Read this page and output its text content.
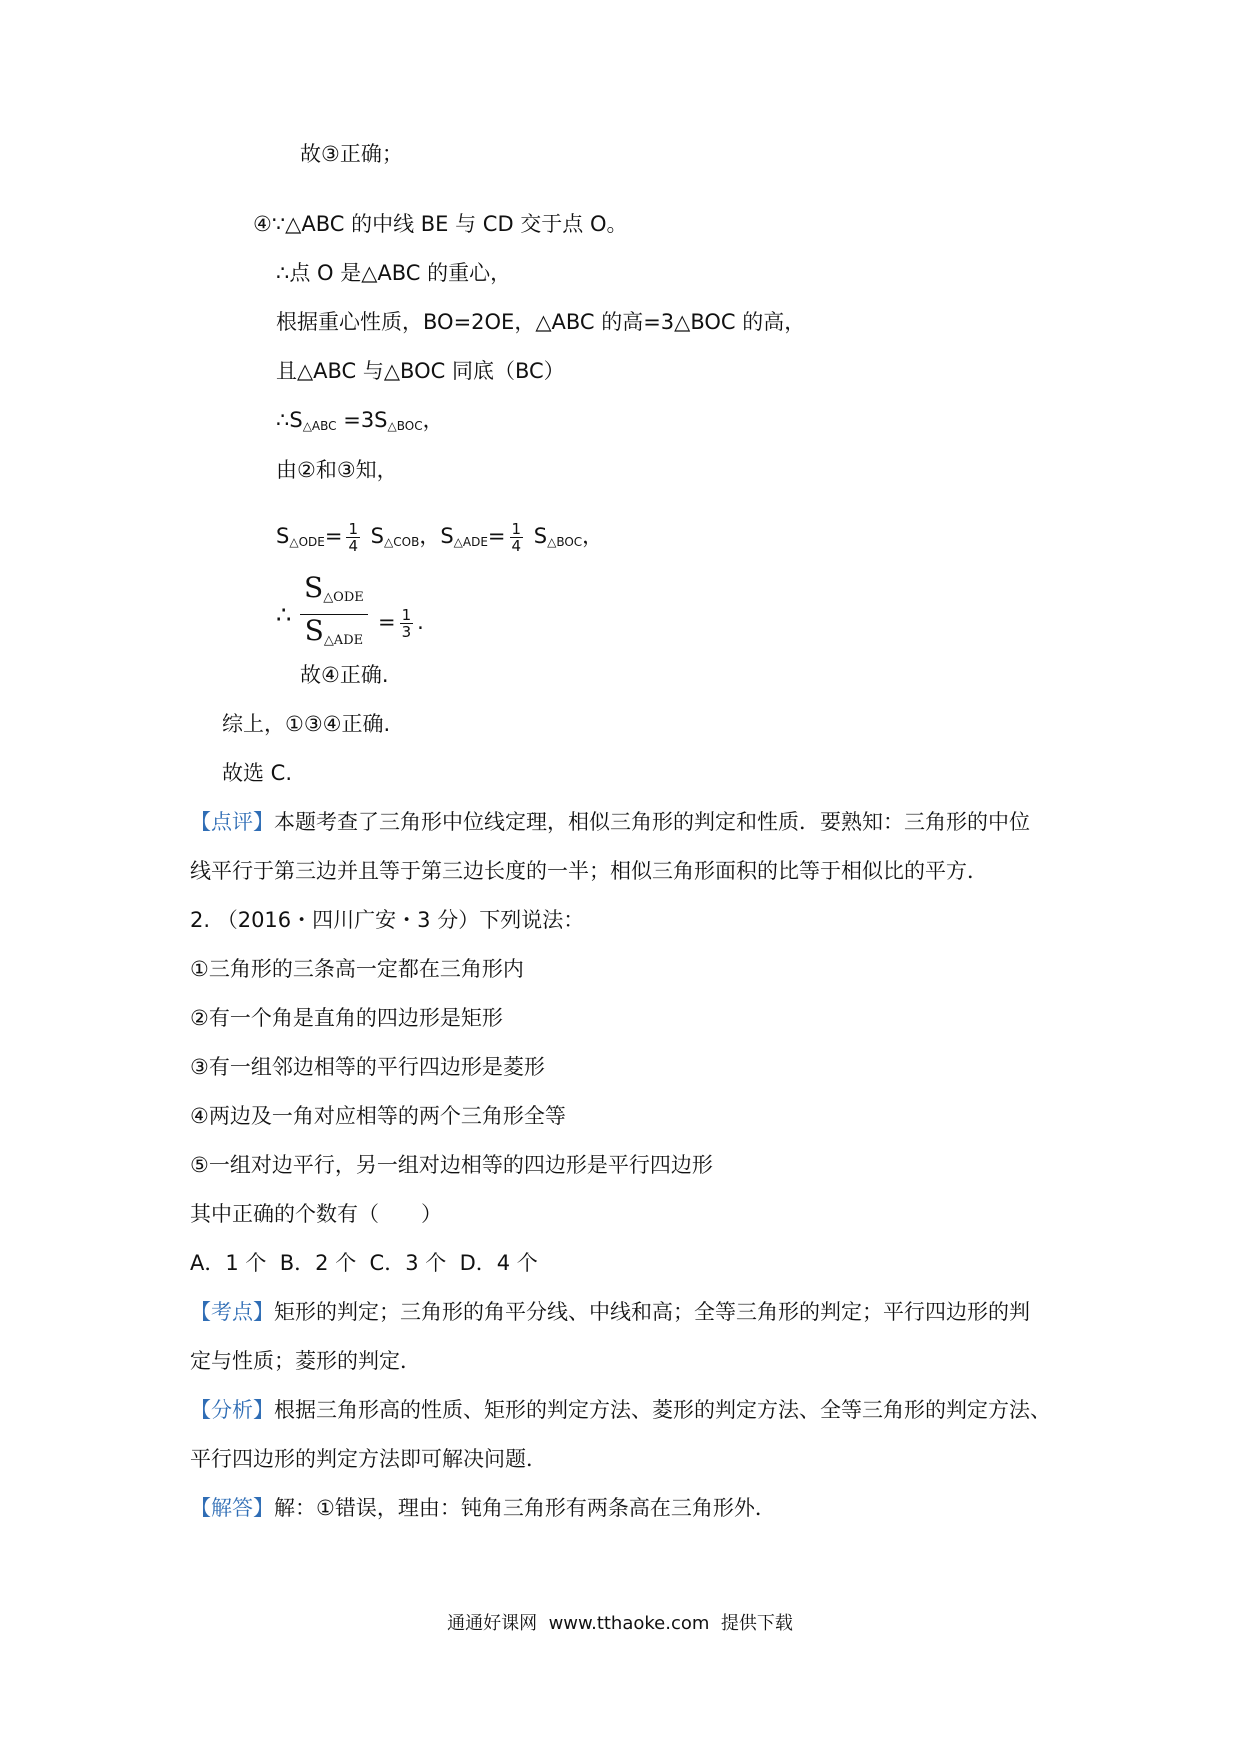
故③正确；
④∵△ABC 的中线 BE 与 CD 交于点 O。
∴点 O 是△ABC 的重心，
根据重心性质，BO=2OE，△ABC 的高=3△BOC 的高，
且△ABC 与△BOC 同底（BC）
$\therefore S_{\triangle ABC} =3S_{\triangle BOC}$，
由②和③知，
$S_{\triangle ODE}= \frac{1}{4} S_{\triangle COB}$，$S_{\triangle ADE}= \frac{1}{4} S_{\triangle BOC}$，
∴
S△ODE
S△ADE
= $\frac{1}{3}$ .
故④正确.
综上，①③④正确.
故选 C.
【点评】本题考查了三角形中位线定理，相似三角形的判定和性质．要熟知：三角形的中位
线平行于第三边并且等于第三边长度的一半；相似三角形面积的比等于相似比的平方．
2. （2016・四川广安・3 分）下列说法：
①三角形的三条高一定都在三角形内
②有一个角是直角的四边形是矩形
③有一组邻边相等的平行四边形是菱形
④两边及一角对应相等的两个三角形全等
⑤一组对边平行，另一组对边相等的四边形是平行四边形
其中正确的个数有（　　）
A．1 个  B．2 个  C．3 个  D．4 个
【考点】矩形的判定；三角形的角平分线、中线和高；全等三角形的判定；平行四边形的判
定与性质；菱形的判定．
【分析】根据三角形高的性质、矩形的判定方法、菱形的判定方法、全等三角形的判定方法、
平行四边形的判定方法即可解决问题．
【解答】解：①错误，理由：钝角三角形有两条高在三角形外．
通通好课网  www.tthaoke.com  提供下载
